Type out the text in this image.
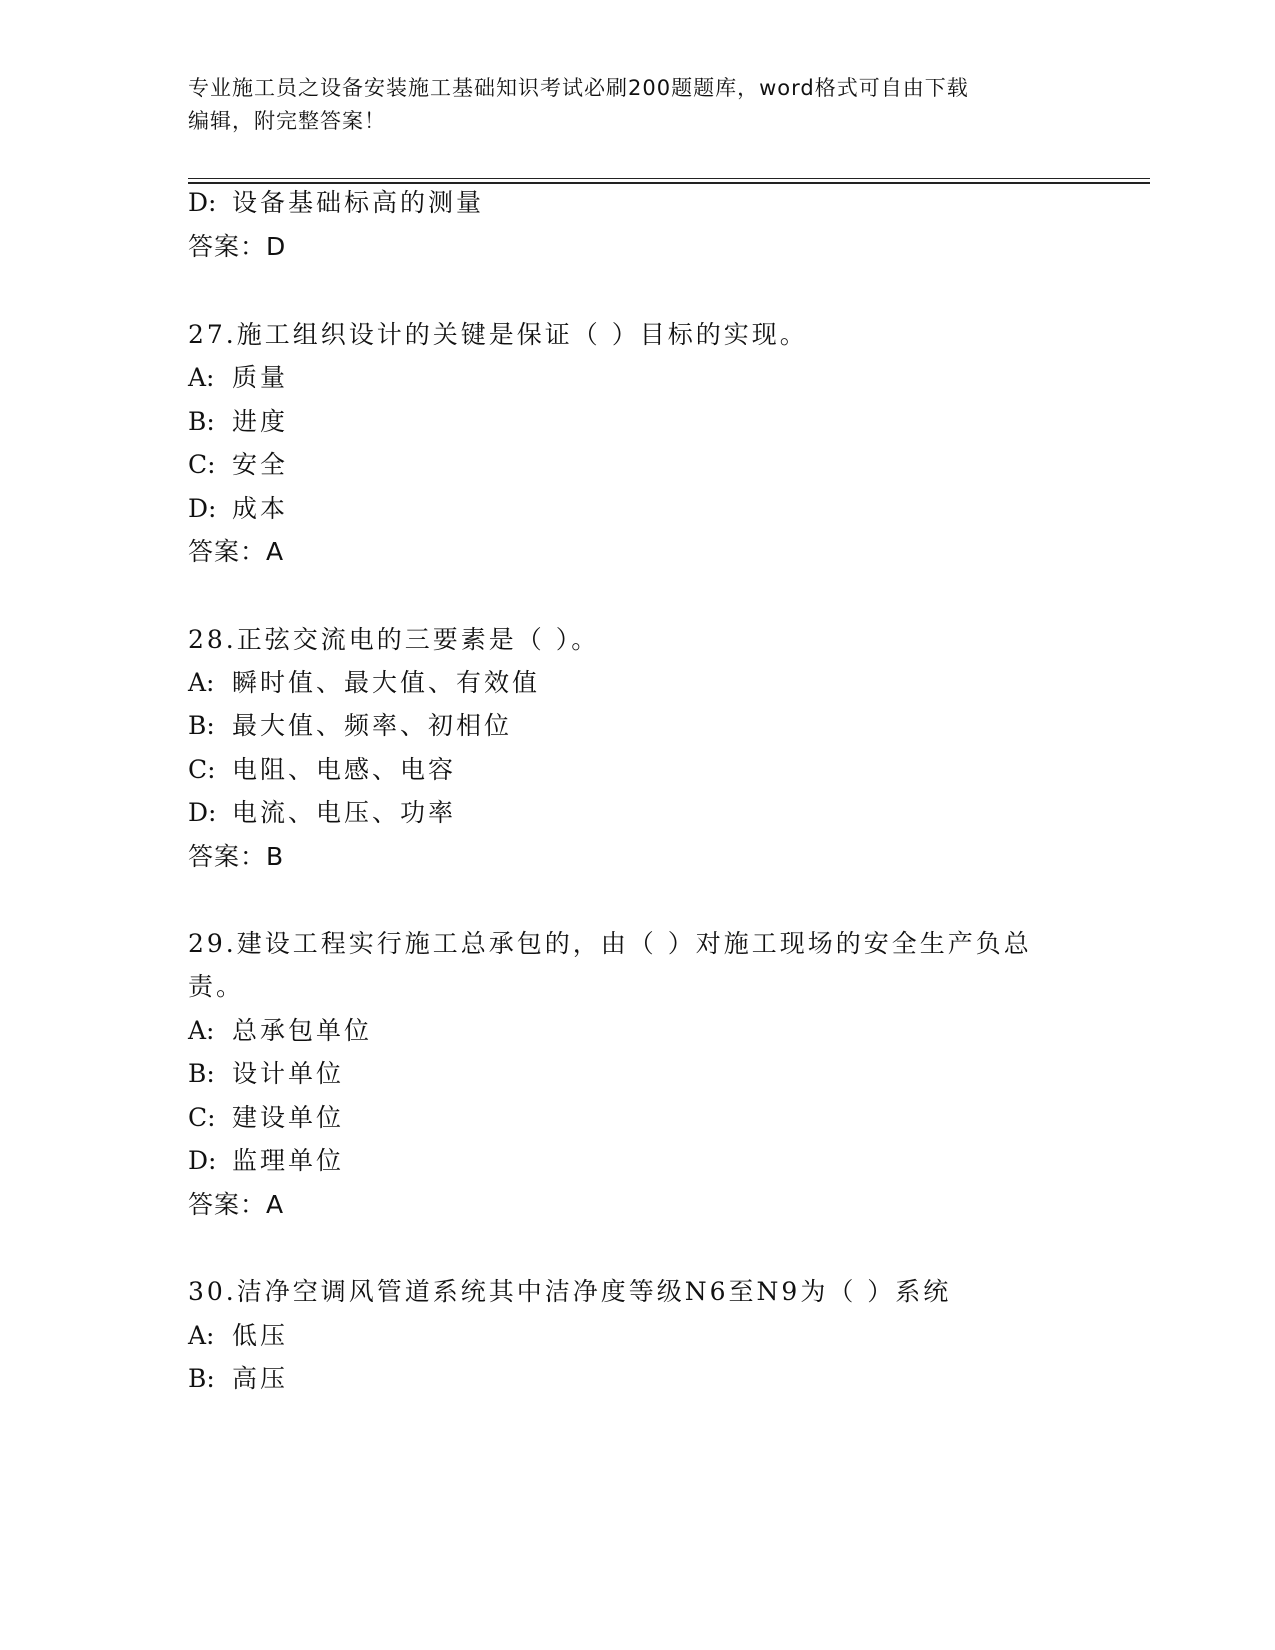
专业施工员之设备安装施工基础知识考试必刷200题题库，word格式可自由下载
编辑，附完整答案！
D: 设备基础标高的测量
答案：D
27.施工组织设计的关键是保证（ ）目标的实现。
A: 质量
B: 进度
C: 安全
D: 成本
答案：A
28.正弦交流电的三要素是（ ）。
A: 瞬时值、最大值、有效值
B: 最大值、频率、初相位
C: 电阻、电感、电容
D: 电流、电压、功率
答案：B
29.建设工程实行施工总承包的，由（ ）对施工现场的安全生产负总
责。
A: 总承包单位
B: 设计单位
C: 建设单位
D: 监理单位
答案：A
30.洁净空调风管道系统其中洁净度等级N6至N9为（ ）系统
A: 低压
B: 高压
